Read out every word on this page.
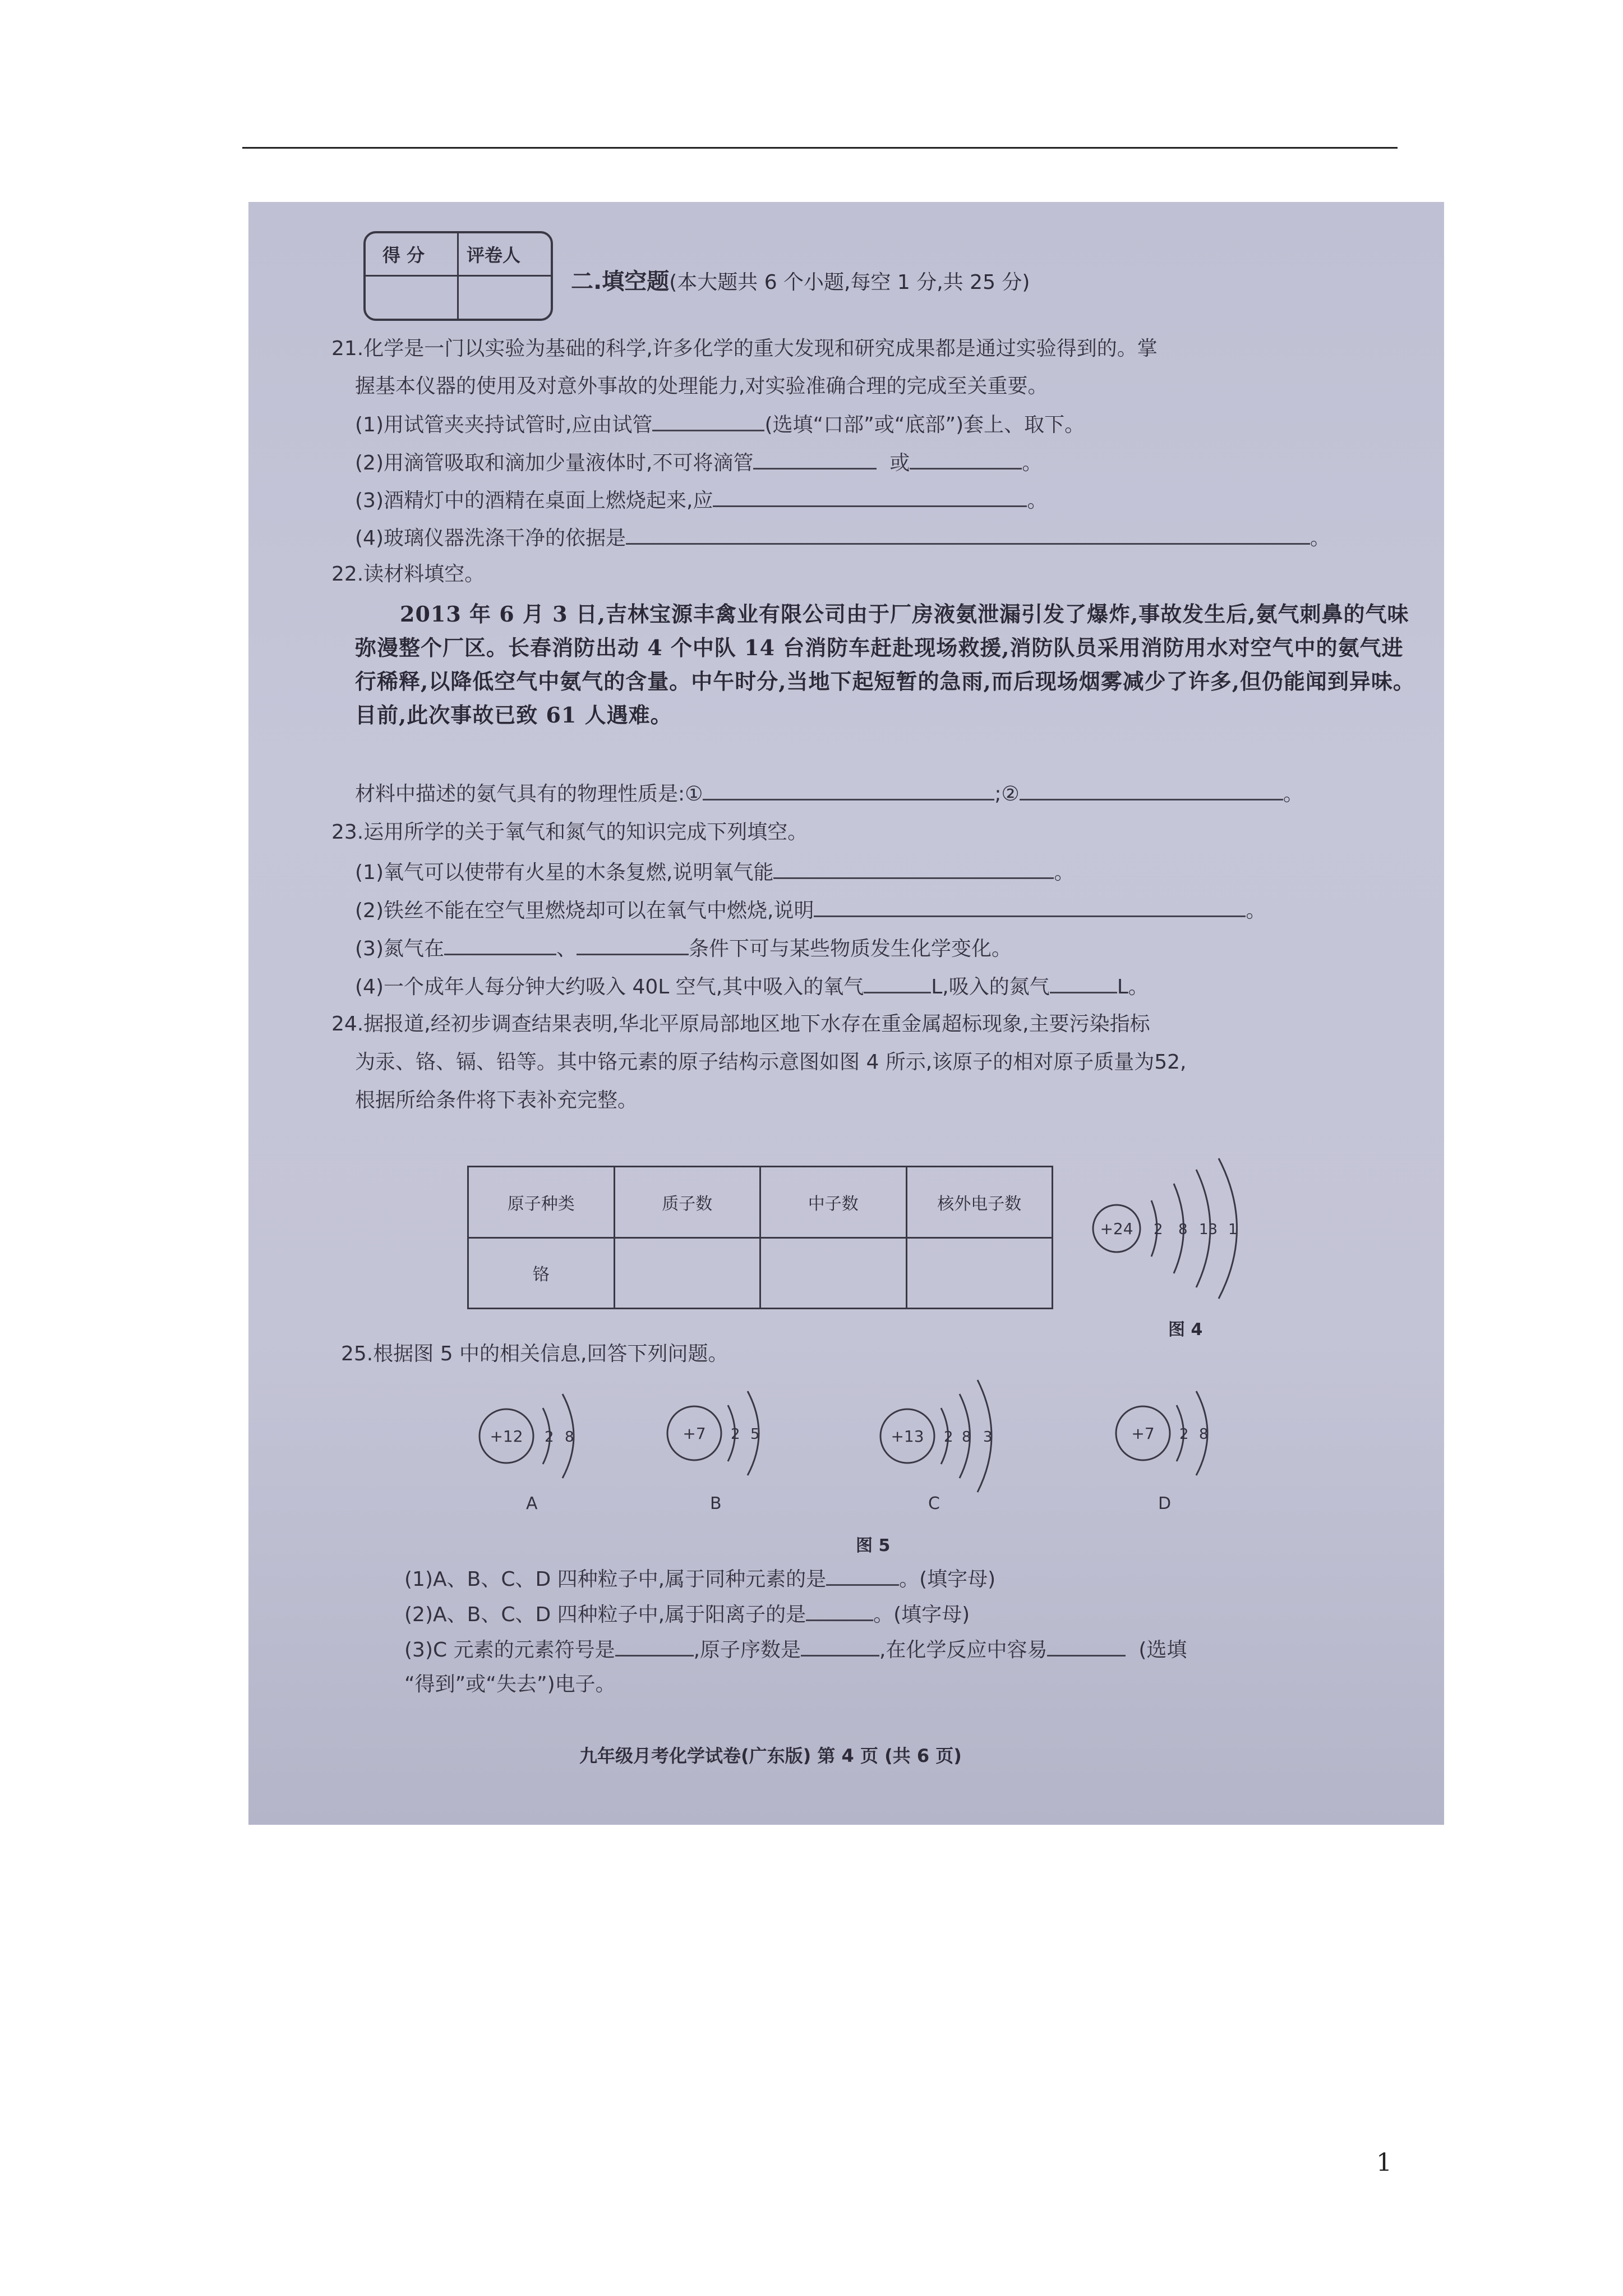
得 分 评卷人
二.填空题(本大题共 6 个小题,每空 1 分,共 25 分)
21.化学是一门以实验为基础的科学,许多化学的重大发现和研究成果都是通过实验得到的。掌
握基本仪器的使用及对意外事故的处理能力,对实验准确合理的完成至关重要。
(1)用试管夹夹持试管时,应由试管	(选填“口部”或“底部”)套上、取下。
(2)用滴管吸取和滴加少量液体时,不可将滴管	或	。
(3)酒精灯中的酒精在桌面上燃烧起来,应	。
(4)玻璃仪器洗涤干净的依据是	。
22.读材料填空。
2013 年 6 月 3 日,吉林宝源丰禽业有限公司由于厂房液氨泄漏引发了爆炸,事故发生后,氨气刺鼻的气味弥漫整个厂区。长春消防出动 4 个中队 14 台消防车赶赴现场救援,消防队员采用消防用水对空气中的氨气进行稀释,以降低空气中氨气的含量。中午时分,当地下起短暂的急雨,而后现场烟雾减少了许多,但仍能闻到异味。目前,此次事故已致 61 人遇难。
材料中描述的氨气具有的物理性质是:①	;②	。
23.运用所学的关于氧气和氮气的知识完成下列填空。
(1)氧气可以使带有火星的木条复燃,说明氧气能	。
(2)铁丝不能在空气里燃烧却可以在氧气中燃烧,说明	。
(3)氮气在	、	条件下可与某些物质发生化学变化。
(4)一个成年人每分钟大约吸入 40L 空气,其中吸入的氧气	L,吸入的氮气	L。
24.据报道,经初步调查结果表明,华北平原局部地区地下水存在重金属超标现象,主要污染指标
为汞、铬、镉、铅等。其中铬元素的原子结构示意图如图 4 所示,该原子的相对原子质量为52,
根据所给条件将下表补充完整。
原子种类	质子数	中子数	核外电子数
铬			
+24 2 8 13 1
图 4
25.根据图 5 中的相关信息,回答下列问题。
+12 2 8
A
+7 2 5
B
+13 2 8 3
C
+7 2 8
D
图 5
(1)A、B、C、D 四种粒子中,属于同种元素的是	。(填字母)
(2)A、B、C、D 四种粒子中,属于阳离子的是	。(填字母)
(3)C 元素的元素符号是	,原子序数是	,在化学反应中容易	(选填
“得到”或“失去”)电子。
九年级月考化学试卷(广东版) 第 4 页 (共 6 页)
1
